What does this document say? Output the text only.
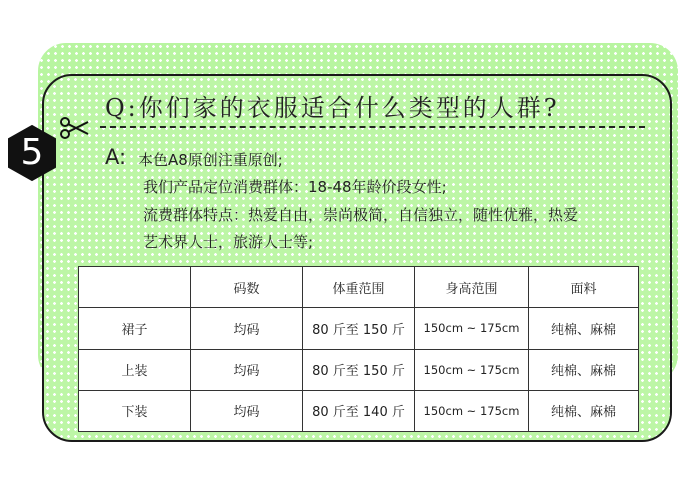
5
Q:你们家的衣服适合什么类型的人群?
A: 本色A8原创注重原创;
我们产品定位消费群体：18-48年龄价段女性;
流费群体特点：热爱自由，崇尚极简，自信独立，随性优雅，热爱
艺术界人士，旅游人士等;
	码数	体重范围	身高范围	面料
裙子	均码	80 斤至 150 斤	150cm ~ 175cm	纯棉、麻棉
上装	均码	80 斤至 150 斤	150cm ~ 175cm	纯棉、麻棉
下装	均码	80 斤至 140 斤	150cm ~ 175cm	纯棉、麻棉
